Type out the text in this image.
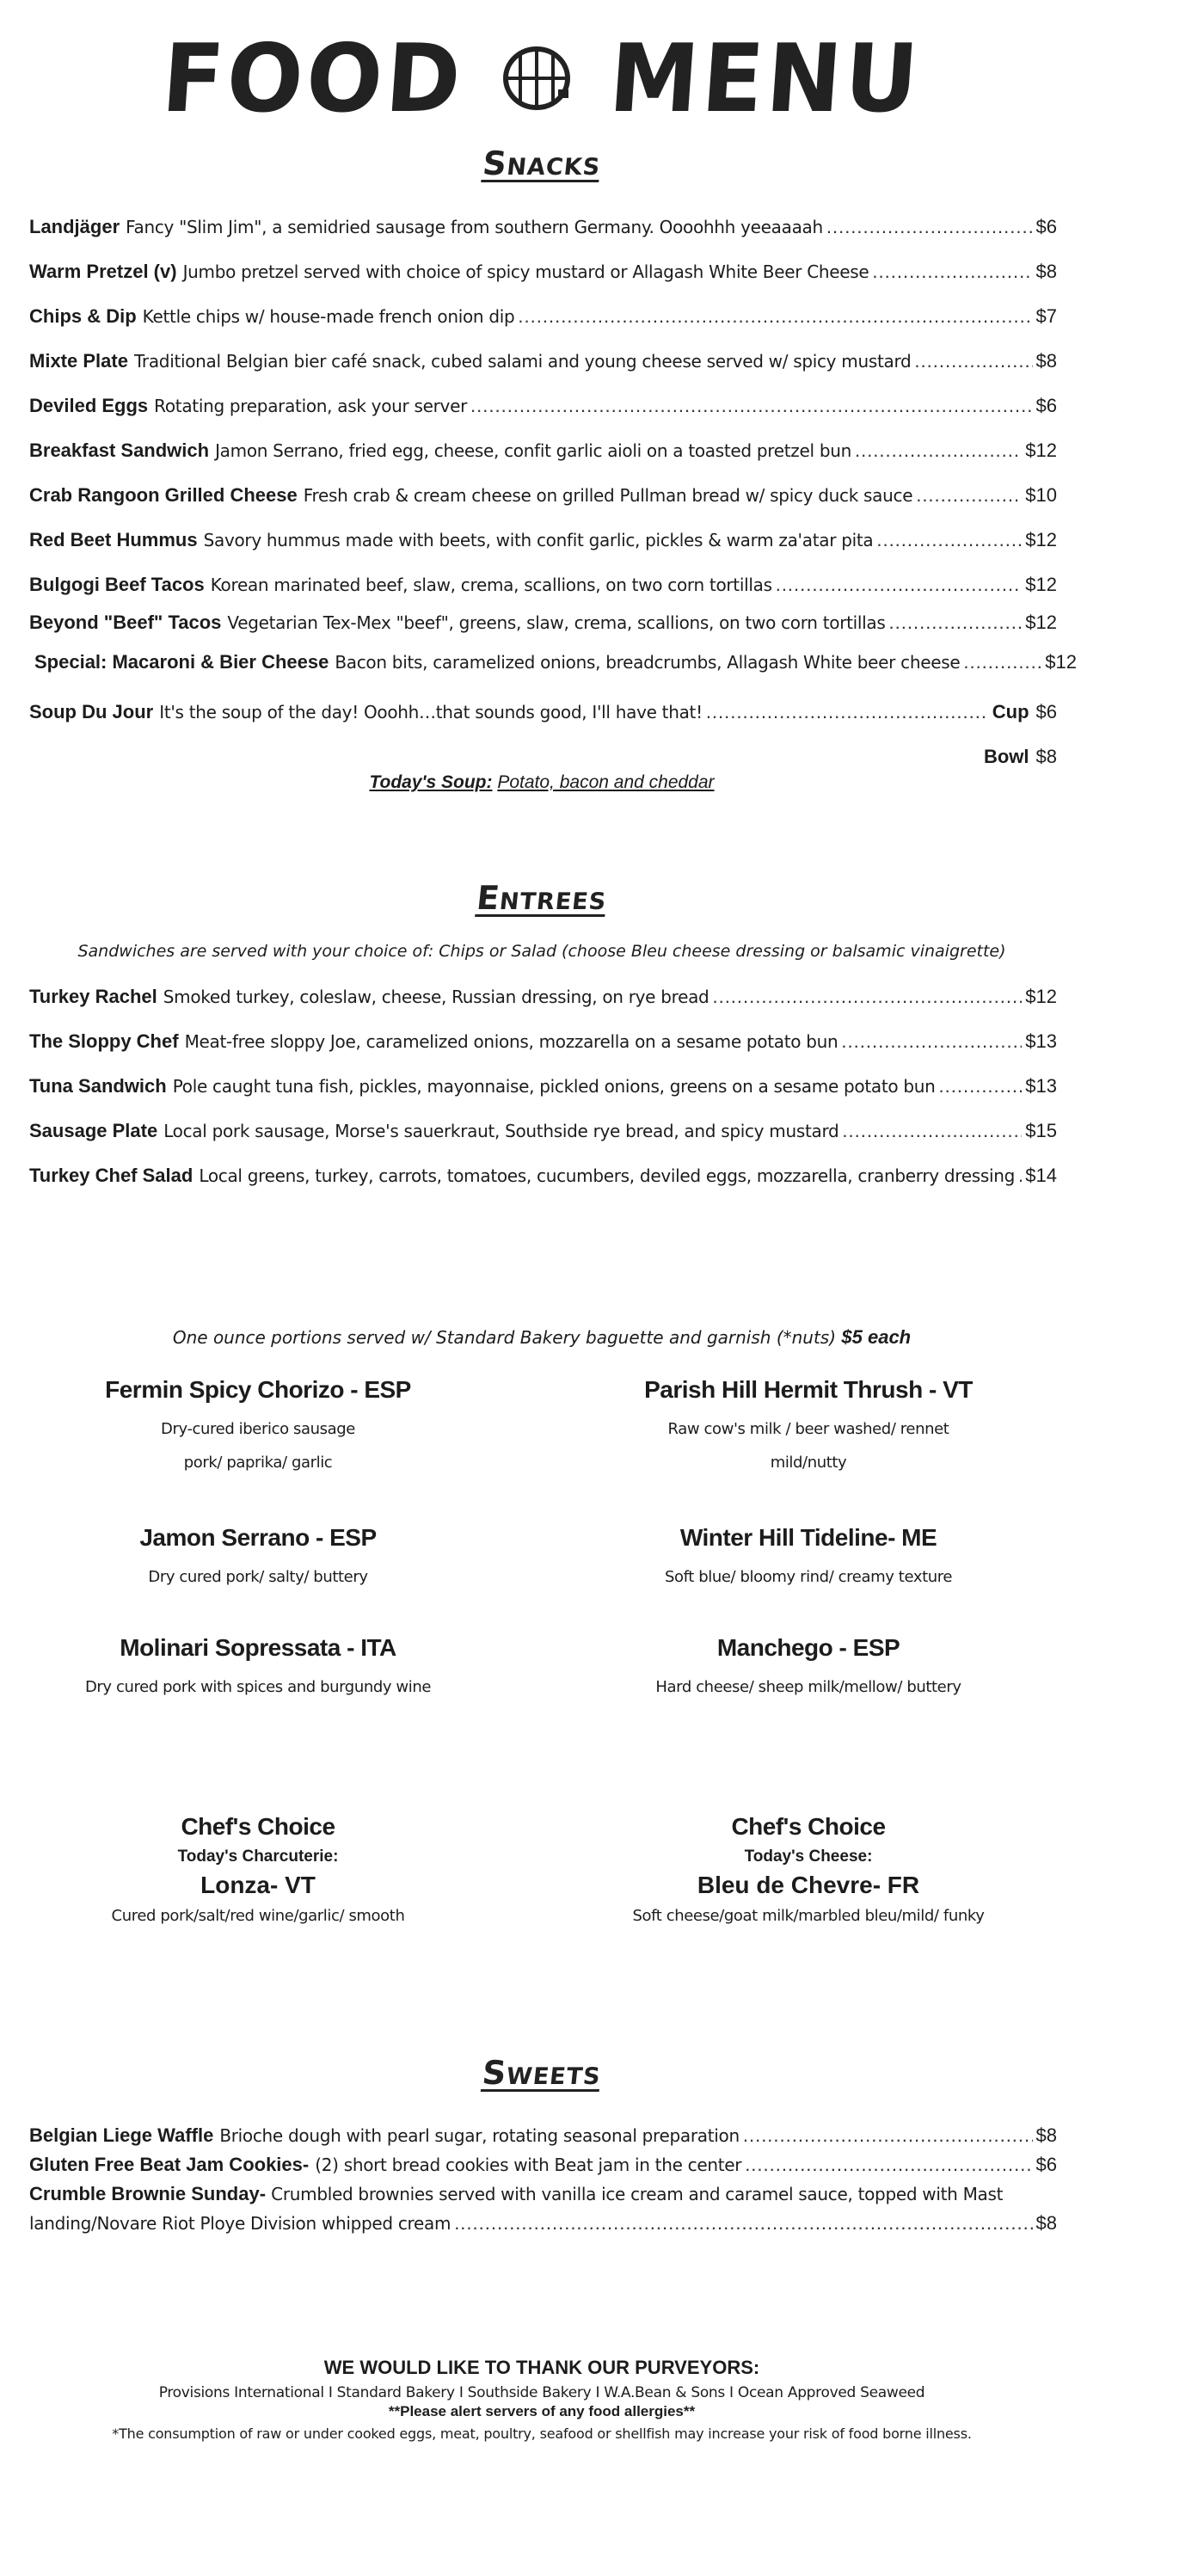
FOOD MENU
Snacks
Landjäger Fancy "Slim Jim", a semidried sausage from southern Germany. Oooohhh yeeaaaah .....	$6
Warm Pretzel (v) Jumbo pretzel served with choice of spicy mustard or Allagash White Beer Cheese .....	$8
Chips & Dip Kettle chips w/ house-made french onion dip .....	$7
Mixte Plate Traditional Belgian bier café snack, cubed salami and young cheese served w/ spicy mustard .....	$8
Deviled Eggs Rotating preparation, ask your server .....	$6
Breakfast Sandwich Jamon Serrano, fried egg, cheese, confit garlic aioli on a toasted pretzel bun .....	$12
Crab Rangoon Grilled Cheese Fresh crab & cream cheese on grilled Pullman bread w/ spicy duck sauce .....	$10
Red Beet Hummus Savory hummus made with beets, with confit garlic, pickles & warm za'atar pita .....	$12
Bulgogi Beef Tacos Korean marinated beef, slaw, crema, scallions, on two corn tortillas .....	$12
Beyond "Beef" Tacos Vegetarian Tex-Mex "beef", greens, slaw, crema, scallions, on two corn tortillas .....	$12
Special: Macaroni & Bier Cheese Bacon bits, caramelized onions, breadcrumbs, Allagash White beer cheese .....	$12
Soup Du Jour It's the soup of the day! Ooohh…that sounds good, I'll have that! .....	Cup $6
Bowl $8
Today's Soup: Potato, bacon and cheddar
Entrees
Sandwiches are served with your choice of: Chips or Salad (choose Bleu cheese dressing or balsamic vinaigrette)
Turkey Rachel Smoked turkey, coleslaw, cheese, Russian dressing, on rye bread .....	$12
The Sloppy Chef Meat-free sloppy Joe, caramelized onions, mozzarella on a sesame potato bun .....	$13
Tuna Sandwich Pole caught tuna fish, pickles, mayonnaise, pickled onions, greens on a sesame potato bun .....	$13
Sausage Plate Local pork sausage, Morse's sauerkraut, Southside rye bread, and spicy mustard .....	$15
Turkey Chef Salad Local greens, turkey, carrots, tomatoes, cucumbers, deviled eggs, mozzarella, cranberry dressing ..... $14
One ounce portions served w/ Standard Bakery baguette and garnish (*nuts) $5 each
Fermin Spicy Chorizo - ESP
Dry-cured iberico sausage
pork/ paprika/ garlic
Jamon Serrano - ESP
Dry cured pork/ salty/ buttery
Molinari Sopressata - ITA
Dry cured pork with spices and burgundy wine
Parish Hill Hermit Thrush - VT
Raw cow's milk / beer washed/ rennet
mild/nutty
Winter Hill Tideline- ME
Soft blue/ bloomy rind/ creamy texture
Manchego - ESP
Hard cheese/ sheep milk/mellow/ buttery
Chef's Choice
Today's Charcuterie:
Lonza- VT
Cured pork/salt/red wine/garlic/ smooth
Chef's Choice
Today's Cheese:
Bleu de Chevre- FR
Soft cheese/goat milk/marbled bleu/mild/ funky
Sweets
Belgian Liege Waffle Brioche dough with pearl sugar, rotating seasonal preparation .....	$8
Gluten Free Beat Jam Cookies- (2) short bread cookies with Beat jam in the center .....	$6
Crumble Brownie Sunday- Crumbled brownies served with vanilla ice cream and caramel sauce, topped with Mast
landing/Novare Riot Ploye Division whipped cream .....	$8
WE WOULD LIKE TO THANK OUR PURVEYORS:
Provisions International I Standard Bakery I Southside Bakery I W.A.Bean & Sons I Ocean Approved Seaweed
**Please alert servers of any food allergies**
*The consumption of raw or under cooked eggs, meat, poultry, seafood or shellfish may increase your risk of food borne illness.
